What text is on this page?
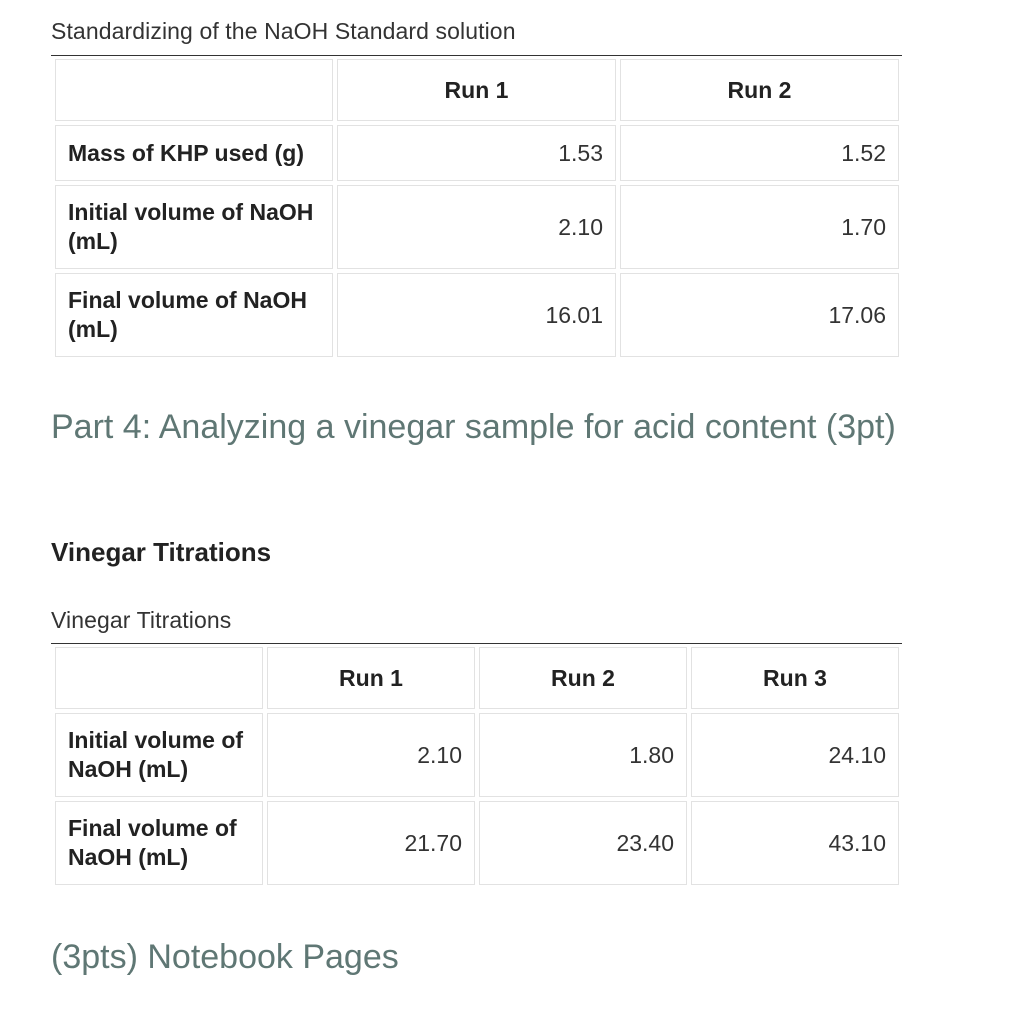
Standardizing of the NaOH Standard solution
	Run 1	Run 2
Mass of KHP used (g)	1.53	1.52
Initial volume of NaOH (mL)	2.10	1.70
Final volume of NaOH (mL)	16.01	17.06
Part 4: Analyzing a vinegar sample for acid content (3pt)
Vinegar Titrations
Vinegar Titrations
	Run 1	Run 2	Run 3
Initial volume of NaOH (mL)	2.10	1.80	24.10
Final volume of NaOH (mL)	21.70	23.40	43.10
(3pts) Notebook Pages
